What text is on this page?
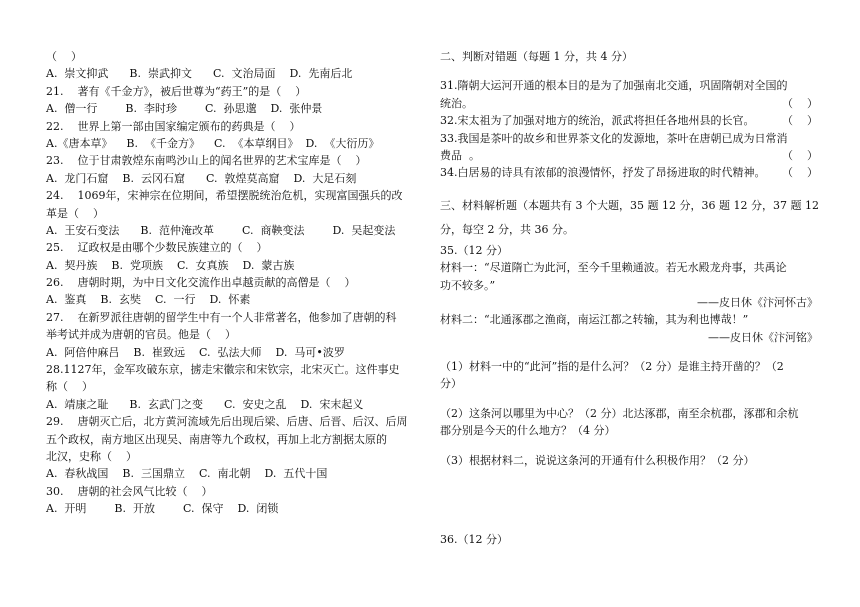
（    ）
A.  崇文抑武      B.  崇武抑文      C.  文治局面    D.  先南后北
21.    著有《千金方》，被后世尊为“药王”的是（    ）
A.  僧一行        B.  李时珍        C.  孙思邈    D.  张仲景
22.    世界上第一部由国家编定颁布的药典是（    ）
A.《唐本草》    B.  《千金方》    C.  《本草纲目》  D.  《大衍历》
23.    位于甘肃敦煌东南鸣沙山上的闻名世界的艺术宝库是（    ）
A.  龙门石窟    B.  云冈石窟      C.  敦煌莫高窟    D.  大足石刻
24.    1069年，宋神宗在位期间，希望摆脱统治危机，实现富国强兵的改
革是（    ）
A.  王安石变法      B.  范仲淹改革        C.  商鞅变法        D.  吴起变法
25.    辽政权是由哪个少数民族建立的（    ）
A.  契丹族    B.  党项族    C.  女真族    D.  蒙古族
26.    唐朝时期，为中日文化交流作出卓越贡献的高僧是（    ）
A.  鉴真    B.  玄奘    C.  一行    D.  怀素
27.    在新罗派往唐朝的留学生中有一个人非常著名，他参加了唐朝的科
举考试并成为唐朝的官员。他是（    ）
A.  阿倍仲麻吕    B.  崔致远    C.  弘法大师    D.  马可•波罗
28.1127年，金军攻破东京，掳走宋徽宗和宋钦宗，北宋灭亡。这件事史
称（    ）
A.  靖康之耻      B.  玄武门之变      C.  安史之乱    D.  宋末起义
29.    唐朝灭亡后，北方黄河流域先后出现后梁、后唐、后晋、后汉、后周
五个政权，南方地区出现吴、南唐等九个政权，再加上北方割据太原的
北汉，史称（    ）
A.  春秋战国    B.  三国鼎立    C.  南北朝    D.  五代十国
30.    唐朝的社会风气比较（    ）
A.  开明        B.  开放        C.  保守    D.  闭锁
二、判断对错题（每题 1 分，共 4 分）
31.隋朝大运河开通的根本目的是为了加强南北交通，巩固隋朝对全国的
统治。	（    ）
32.宋太祖为了加强对地方的统治，派武将担任各地州县的长官。	（    ）
33.我国是茶叶的故乡和世界茶文化的发源地，茶叶在唐朝已成为日常消
费品  。	（    ）
34.白居易的诗具有浓郁的浪漫情怀，抒发了昂扬进取的时代精神。 （    ）
三、材料解析题（本题共有 3 个大题，35 题 12 分，36 题 12 分，37 题 12
分，每空 2 分，共 36 分。
35.（12 分）
材料一：“尽道隋亡为此河，至今千里赖通波。若无水殿龙舟事，共禹论
功不较多。”
——皮日休《汴河怀古》
材料二：“北通涿郡之渔商，南运江都之转输，其为利也博哉！”
——皮日休《汴河铭》
（1）材料一中的“此河”指的是什么河？（2 分）是谁主持开凿的？（2
分）
（2）这条河以哪里为中心？（2 分）北达涿郡，南至余杭郡，涿郡和余杭
郡分别是今天的什么地方？（4 分）
（3）根据材料二，说说这条河的开通有什么积极作用？（2 分）
36.（12 分）
